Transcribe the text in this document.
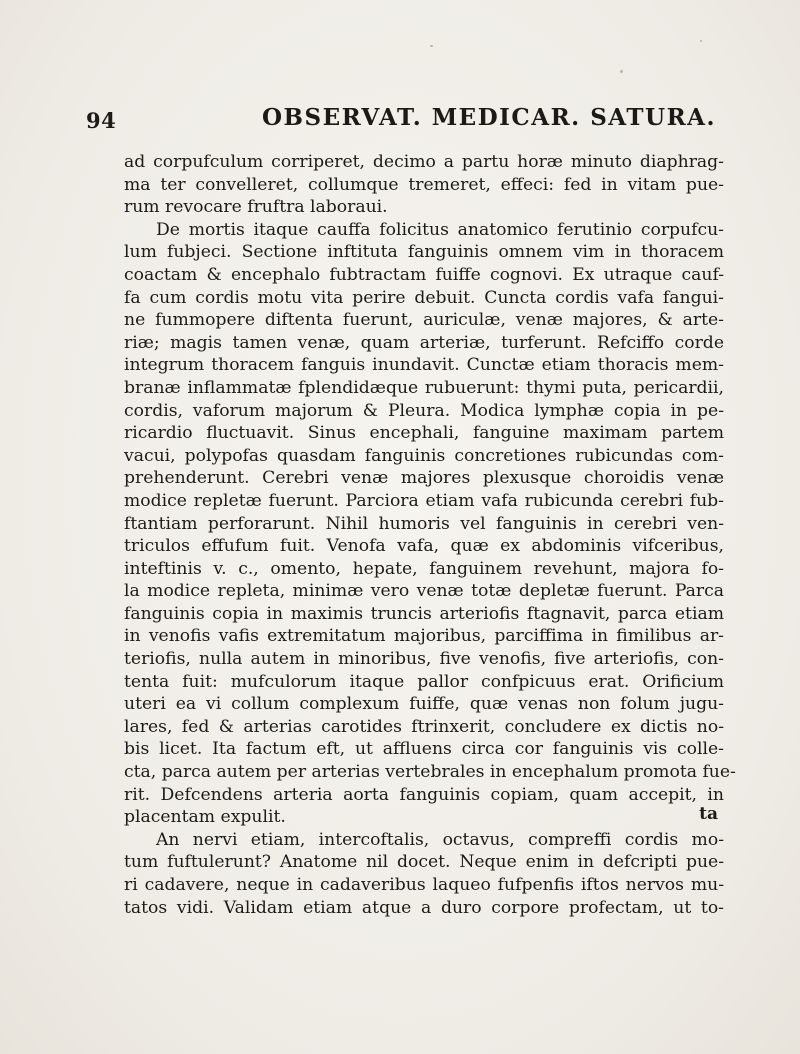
94	OBSERVAT. MEDICAR. SATURA.
ad corpufculum corriperet, decimo a partu horæ minuto diaphrag-
ma ter convelleret, collumque tremeret, effeci: fed in vitam pue-
rum revocare fruftra laboraui.
De mortis itaque cauffa folicitus anatomico ferutinio corpufcu-
lum fubjeci. Sectione inftituta fanguinis omnem vim in thoracem
coactam & encephalo fubtractam fuiffe cognovi. Ex utraque cauf-
fa cum cordis motu vita perire debuit. Cuncta cordis vafa fangui-
ne fummopere diftenta fuerunt, auriculæ, venæ majores, & arte-
riæ; magis tamen venæ, quam arteriæ, turferunt. Refciffo corde
integrum thoracem fanguis inundavit. Cunctæ etiam thoracis mem-
branæ inflammatæ fplendidæque rubuerunt: thymi puta, pericardii,
cordis, vaforum majorum & Pleura. Modica lymphæ copia in pe-
ricardio fluctuavit. Sinus encephali, fanguine maximam partem
vacui, polypofas quasdam fanguinis concretiones rubicundas com-
prehenderunt. Cerebri venæ majores plexusque choroidis venæ
modice repletæ fuerunt. Parciora etiam vafa rubicunda cerebri fub-
ftantiam perforarunt. Nihil humoris vel fanguinis in cerebri ven-
triculos effufum fuit. Venofa vafa, quæ ex abdominis vifceribus,
inteftinis v. c., omento, hepate, fanguinem revehunt, majora fo-
la modice repleta, minimæ vero venæ totæ depletæ fuerunt. Parca
fanguinis copia in maximis truncis arteriofis ftagnavit, parca etiam
in venofis vafis extremitatum majoribus, parciffima in fimilibus ar-
teriofis, nulla autem in minoribus, five venofis, five arteriofis, con-
tenta fuit: mufculorum itaque pallor confpicuus erat. Orificium
uteri ea vi collum complexum fuiffe, quæ venas non folum jugu-
lares, fed & arterias carotides ftrinxerit, concludere ex dictis no-
bis licet. Ita factum eft, ut affluens circa cor fanguinis vis colle-
cta, parca autem per arterias vertebrales in encephalum promota fue-
rit. Defcendens arteria aorta fanguinis copiam, quam accepit, in
placentam expulit.
An nervi etiam, intercoftalis, octavus, compreffi cordis mo-
tum fuftulerunt? Anatome nil docet. Neque enim in defcripti pue-
ri cadavere, neque in cadaveribus laqueo fufpenfis iftos nervos mu-
tatos vidi. Validam etiam atque a duro corpore profectam, ut to-
ta
